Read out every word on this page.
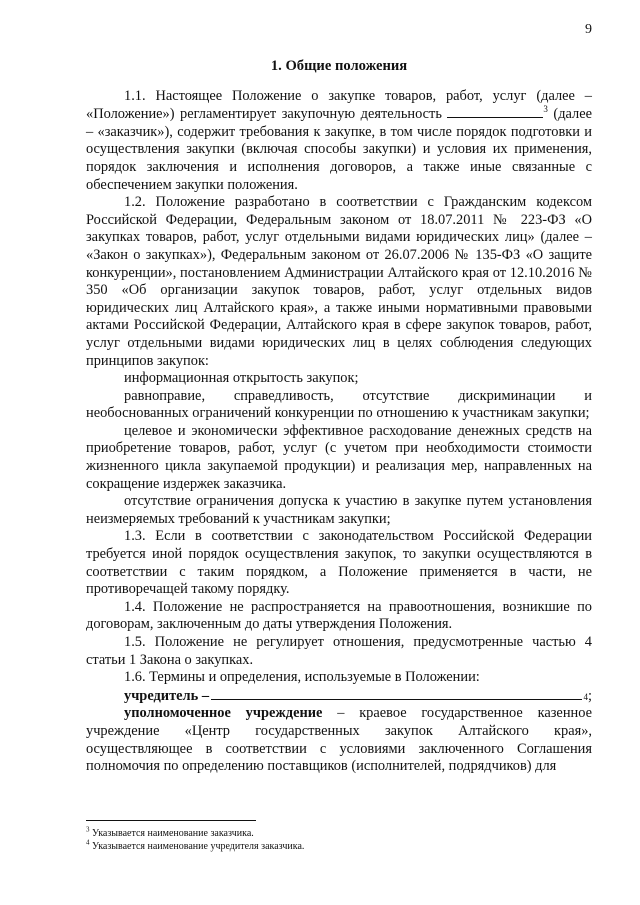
9
1. Общие положения

1.1. Настоящее Положение о закупке товаров, работ, услуг (далее – «Положение») регламентирует закупочную деятельность	$^3$ (далее – «заказчик»), содержит требования к закупке, в том числе порядок подготовки и осуществления закупки (включая способы закупки) и условия их применения, порядок заключения и исполнения договоров, а также иные связанные с обеспечением закупки положения.

1.2. Положение разработано в соответствии с Гражданским кодексом Российской Федерации, Федеральным законом от 18.07.2011 № 223-ФЗ «О закупках товаров, работ, услуг отдельными видами юридических лиц» (далее – «Закон о закупках»), Федеральным законом от 26.07.2006 № 135-ФЗ «О защите конкуренции», постановлением Администрации Алтайского края от 12.10.2016 № 350 «Об организации закупок товаров, работ, услуг отдельных видов юридических лиц Алтайского края», а также иными нормативными правовыми актами Российской Федерации, Алтайского края в сфере закупок товаров, работ, услуг отдельными видами юридических лиц в целях соблюдения следующих принципов закупок:

информационная открытость закупок;

равноправие, справедливость, отсутствие дискриминации и необоснованных ограничений конкуренции по отношению к участникам закупки;

целевое и экономически эффективное расходование денежных средств на приобретение товаров, работ, услуг (с учетом при необходимости стоимости жизненного цикла закупаемой продукции) и реализация мер, направленных на сокращение издержек заказчика.

отсутствие ограничения допуска к участию в закупке путем установления неизмеряемых требований к участникам закупки;

1.3. Если в соответствии с законодательством Российской Федерации требуется иной порядок осуществления закупок, то закупки осуществляются в соответствии с таким порядком, а Положение применяется в части, не противоречащей такому порядку.

1.4. Положение не распространяется на правоотношения, возникшие по договорам, заключенным до даты утверждения Положения.

1.5. Положение не регулирует отношения, предусмотренные частью 4 статьи 1 Закона о закупках.

1.6. Термины и определения, используемые в Положении:

учредитель –	4 ;

уполномоченное учреждение – краевое государственное казенное учреждение «Центр государственных закупок Алтайского края», осуществляющее в соответствии с условиями заключенного Соглашения полномочия по определению поставщиков (исполнителей, подрядчиков) для

$^3$ Указывается наименование заказчика.
$^4$ Указывается наименование учредителя заказчика.
